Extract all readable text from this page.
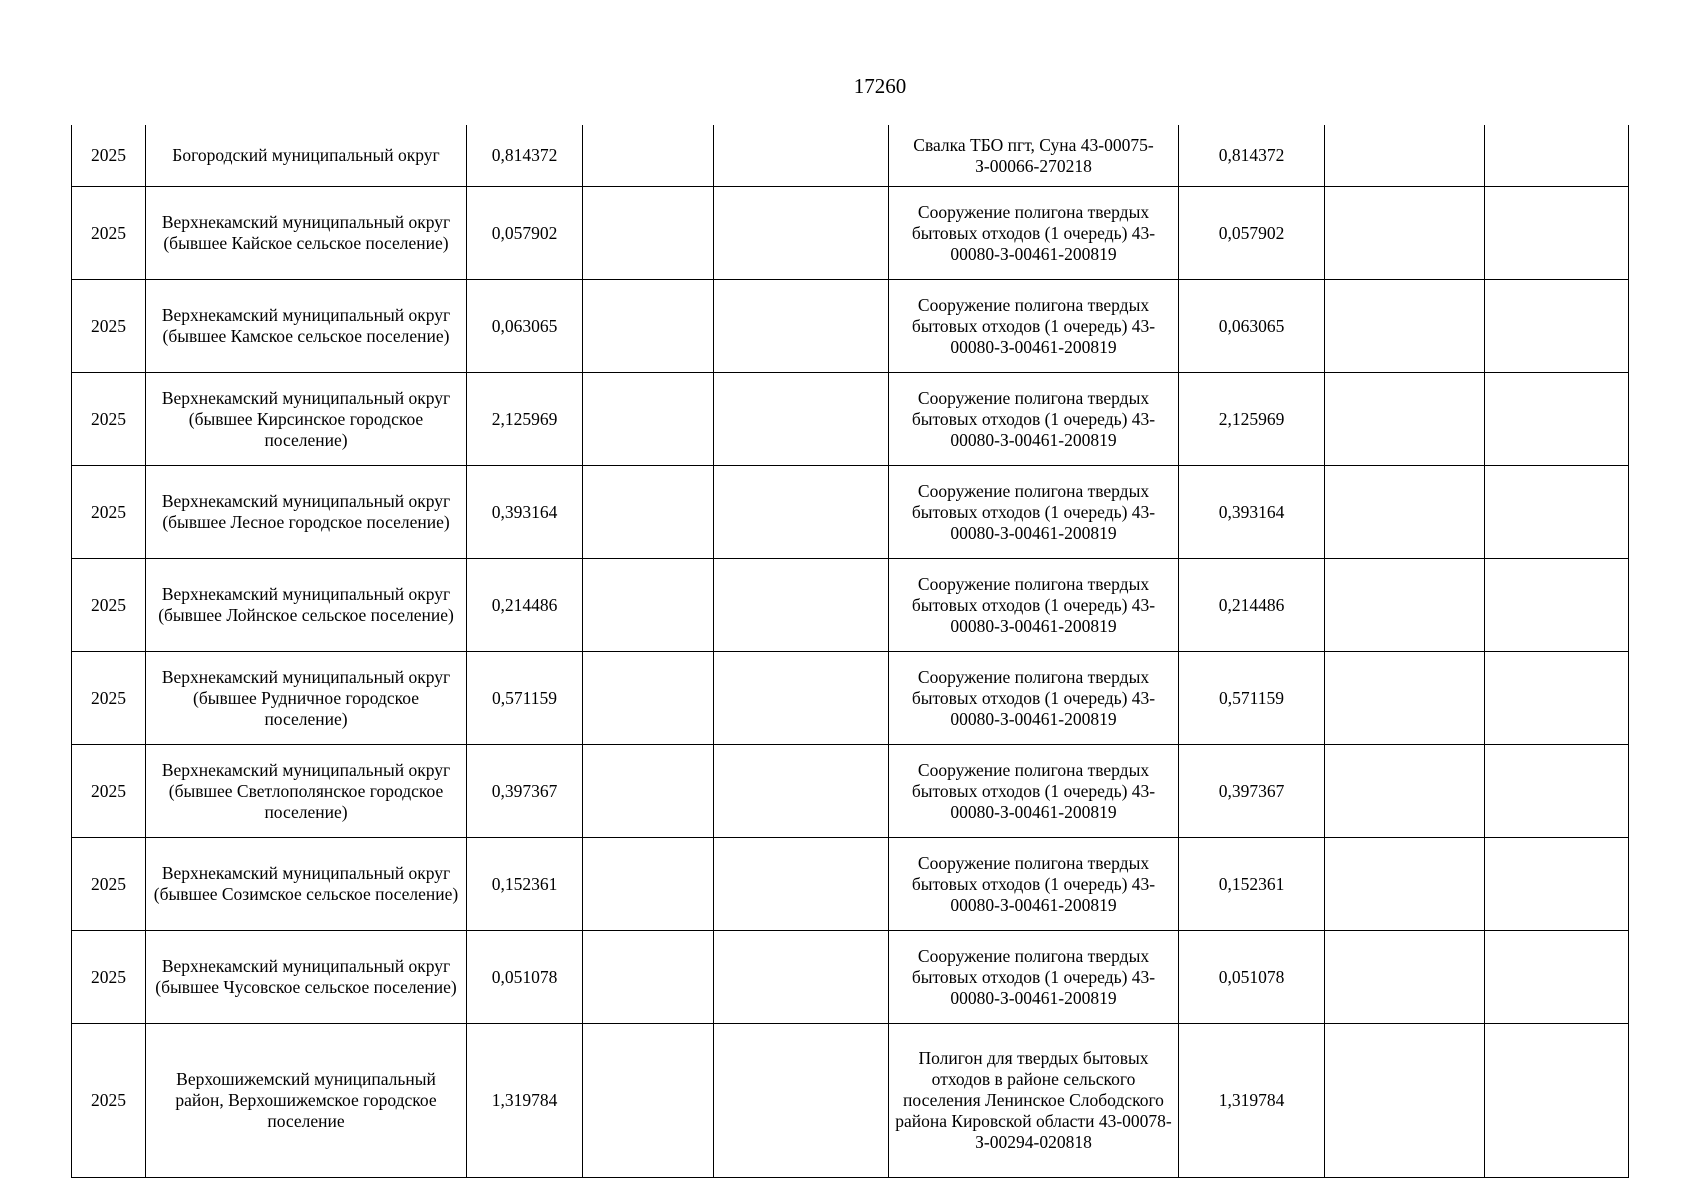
17260
2025	Богородский муниципальный округ	0,814372			Свалка ТБО пгт, Суна 43-00075-З-00066-270218	0,814372		
2025	Верхнекамский муниципальный округ (бывшее Кайское сельское поселение)	0,057902			Сооружение полигона твердых бытовых отходов (1 очередь) 43-00080-З-00461-200819	0,057902		
2025	Верхнекамский муниципальный округ (бывшее Камское сельское поселение)	0,063065			Сооружение полигона твердых бытовых отходов (1 очередь) 43-00080-З-00461-200819	0,063065		
2025	Верхнекамский муниципальный округ (бывшее Кирсинское городское поселение)	2,125969			Сооружение полигона твердых бытовых отходов (1 очередь) 43-00080-З-00461-200819	2,125969		
2025	Верхнекамский муниципальный округ (бывшее Лесное городское поселение)	0,393164			Сооружение полигона твердых бытовых отходов (1 очередь) 43-00080-З-00461-200819	0,393164		
2025	Верхнекамский муниципальный округ (бывшее Лойнское сельское поселение)	0,214486			Сооружение полигона твердых бытовых отходов (1 очередь) 43-00080-З-00461-200819	0,214486		
2025	Верхнекамский муниципальный округ (бывшее Рудничное городское поселение)	0,571159			Сооружение полигона твердых бытовых отходов (1 очередь) 43-00080-З-00461-200819	0,571159		
2025	Верхнекамский муниципальный округ (бывшее Светлополянское городское поселение)	0,397367			Сооружение полигона твердых бытовых отходов (1 очередь) 43-00080-З-00461-200819	0,397367		
2025	Верхнекамский муниципальный округ (бывшее Созимское сельское поселение)	0,152361			Сооружение полигона твердых бытовых отходов (1 очередь) 43-00080-З-00461-200819	0,152361		
2025	Верхнекамский муниципальный округ (бывшее Чусовское сельское поселение)	0,051078			Сооружение полигона твердых бытовых отходов (1 очередь) 43-00080-З-00461-200819	0,051078		
2025	Верхошижемский муниципальный район, Верхошижемское городское поселение	1,319784			Полигон для твердых бытовых отходов в районе сельского поселения Ленинское Слободского района Кировской области 43-00078-З-00294-020818	1,319784		
